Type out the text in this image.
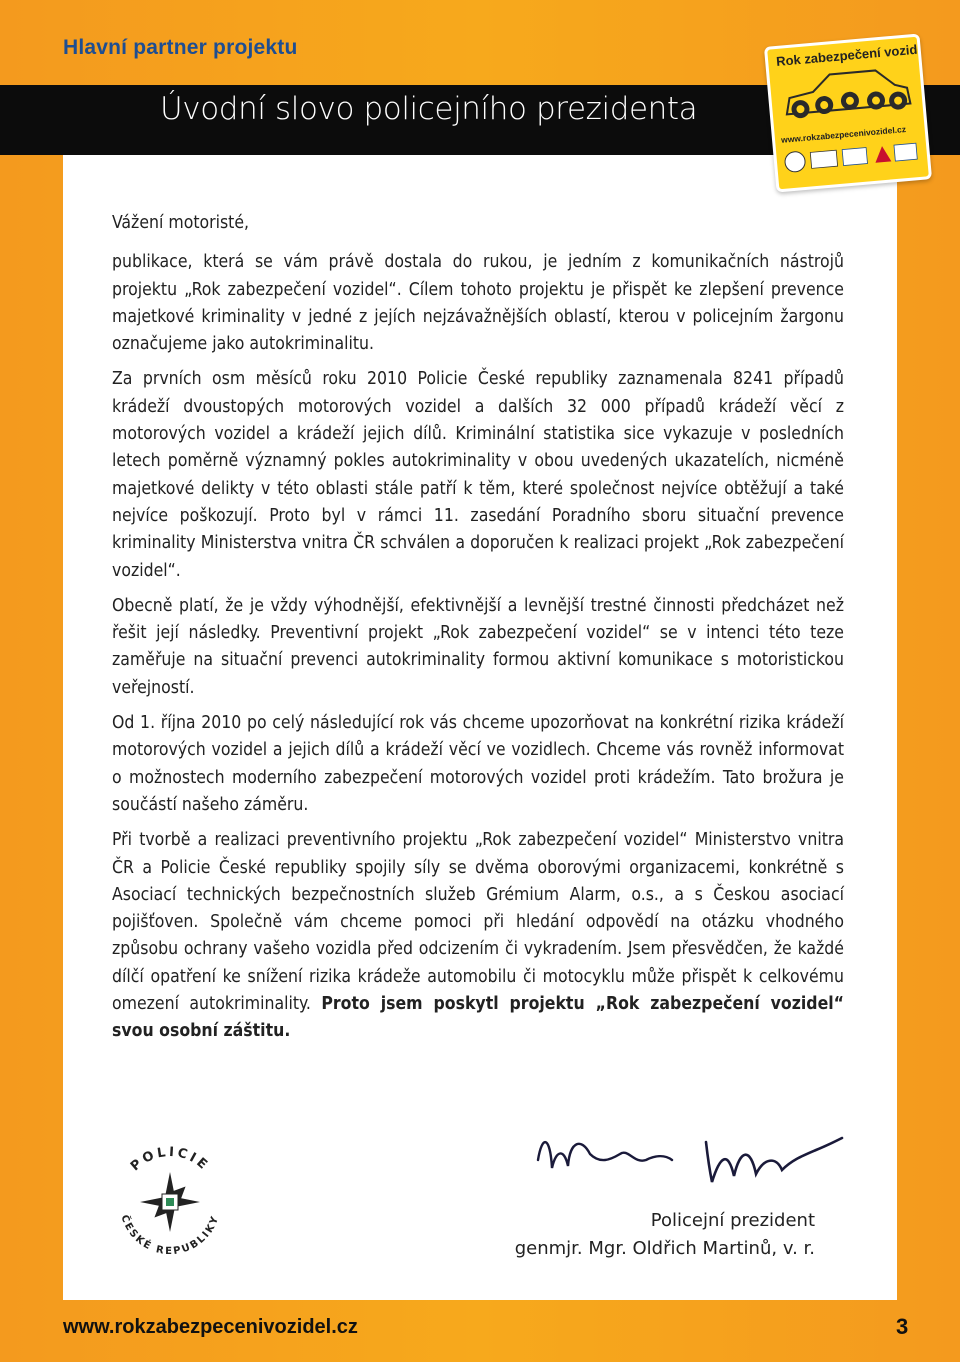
Hlavní partner projektu
Úvodní slovo policejního prezidenta
Rok zabezpečení vozidel
www.rokzabezpecenivozidel.cz

Vážení motoristé,

publikace, která se vám právě dostala do rukou, je jedním z komunikačních nástrojů projektu „Rok zabezpečení vozidel“. Cílem tohoto projektu je přispět ke zlepšení prevence majetkové kriminality v jedné z jejích nejzávažnějších oblastí, kterou v policejním žargonu označujeme jako autokriminalitu.

Za prvních osm měsíců roku 2010 Policie České republiky zaznamenala 8241 případů krádeží dvoustopých motorových vozidel a dalších 32 000 případů krádeží věcí z motorových vozidel a krádeží jejich dílů. Kriminální statistika sice vykazuje v posledních letech poměrně významný pokles autokriminality v obou uvedených ukazatelích, nicméně majetkové delikty v této oblasti stále patří k těm, které společnost nejvíce obtěžují a také nejvíce poškozují. Proto byl v rámci 11. zasedání Poradního sboru situační prevence kriminality Ministerstva vnitra ČR schválen a doporučen k realizaci projekt „Rok zabezpečení vozidel“.

Obecně platí, že je vždy výhodnější, efektivnější a levnější trestné činnosti předcházet než řešit její následky. Preventivní projekt „Rok zabezpečení vozidel“ se v intenci této teze zaměřuje na situační prevenci autokriminality formou aktivní komunikace s motoristickou veřejností.

Od 1. října 2010 po celý následující rok vás chceme upozorňovat na konkrétní rizika krádeží motorových vozidel a jejich dílů a krádeží věcí ve vozidlech. Chceme vás rovněž informovat o možnostech moderního zabezpečení motorových vozidel proti krádežím. Tato brožura je součástí našeho záměru.

Při tvorbě a realizaci preventivního projektu „Rok zabezpečení vozidel“ Ministerstvo vnitra ČR a Policie České republiky spojily síly se dvěma oborovými organizacemi, konkrétně s Asociací technických bezpečnostních služeb Grémium Alarm, o.s., a s Českou asociací pojišťoven. Společně vám chceme pomoci při hledání odpovědí na otázku vhodného způsobu ochrany vašeho vozidla před odcizením či vykradením. Jsem přesvědčen, že každé dílčí opatření ke snížení rizika krádeže automobilu či motocyklu může přispět k celkovému omezení autokriminality. Proto jsem poskytl projektu „Rok zabezpečení vozidel“ svou osobní záštitu.

POLICIE
ČESKÉ REPUBLIKY	Policejní prezident
genmjr. Mgr. Oldřich Martinů, v. r.
www.rokzabezpecenivozidel.cz	3
